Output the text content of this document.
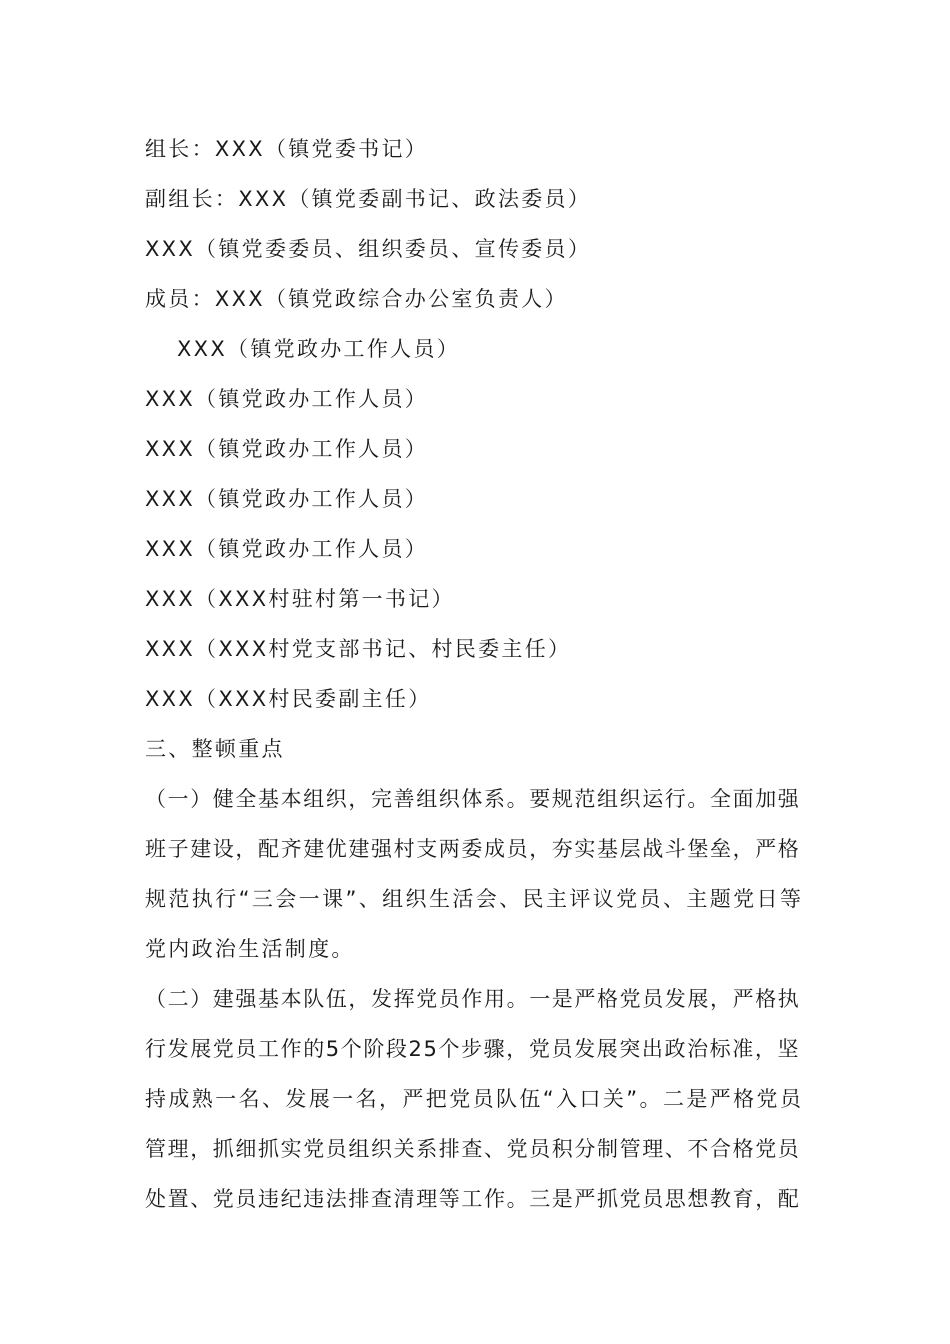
组长：XXX（镇党委书记）
副组长：XXX（镇党委副书记、政法委员）
XXX（镇党委委员、组织委员、宣传委员）
成员：XXX（镇党政综合办公室负责人）
XXX（镇党政办工作人员）
XXX（镇党政办工作人员）
XXX（镇党政办工作人员）
XXX（镇党政办工作人员）
XXX（镇党政办工作人员）
XXX（XXX村驻村第一书记）
XXX（XXX村党支部书记、村民委主任）
XXX（XXX村民委副主任）
三、整顿重点
（一）健全基本组织，完善组织体系。要规范组织运行。全面加强
班子建设，配齐建优建强村支两委成员，夯实基层战斗堡垒，严格
规范执行“三会一课”、组织生活会、民主评议党员、主题党日等
党内政治生活制度。
（二）建强基本队伍，发挥党员作用。一是严格党员发展，严格执
行发展党员工作的5个阶段25个步骤，党员发展突出政治标准，坚
持成熟一名、发展一名，严把党员队伍“入口关”。二是严格党员
管理，抓细抓实党员组织关系排查、党员积分制管理、不合格党员
处置、党员违纪违法排查清理等工作。三是严抓党员思想教育，配
